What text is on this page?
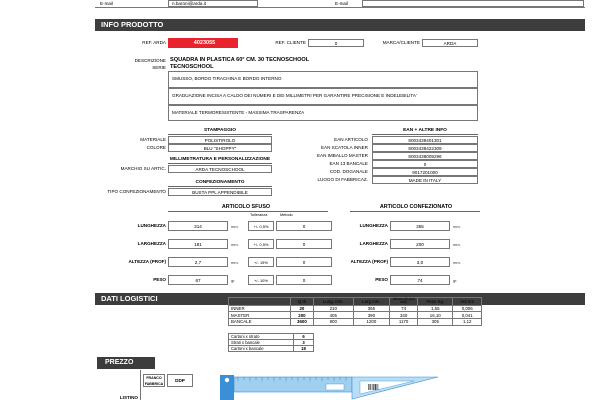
E-mail	n.baroni@arda.it	E-mail
INFO PRODOTTO
REF. ARDA	4023055	REF. CLIENTE	0	MARCA/CLIENTE	ARDA
DESCRIZIONE SQUADRA IN PLASTICA 60° CM. 30 TECNOSCHOOL
SERIE TECNOSCHOOL
SMUSSO, BORDO TIRACHINA E BORDO INTERNO
GRADUAZIONE INCISA A CALDO DEI NUMERI E DEI MILLIMETRI PER GARANTIRE PRECISIONE E INDELEBILITA'
MATERIALE TERMORESISTENTE - MASSIMA TRASPARENZA
STAMPAGGIO
MATERIALE	POLISTIROLO
COLORE	BLU "SHOPPY"
MILLIMETRATURA E PERSONALIZZAZIONE
MARCHIO SU ARTIC.	ARDA TECNOSCHOOL
CONFEZIONAMENTO
TIPO CONFEZIONAMENTO	BUSTA PPL APPENDIBILE
EAN + ALTRE INFO
EAN ARTICOLO	8003439401301
EAN SCATOLA INNER	8003438422309
EAN IMBALLO MASTER	8003438009296
EAN 13 BANCALE	0
COD. DOGANALE	9017201000
LUOGO DI FABBRICAZ.	MADE IN ITALY
ARTICOLO SFUSO
Tolleranza	Metodo
LUNGHEZZA	314	mm.	+/- 0,5%	0
LARGHEZZA	181	mm.	+/- 0,5%	0
ALTEZZA (PROF)	2,7	mm.	+/- 15%	0
PESO	67	gr.	+/- 10%	0
ARTICOLO CONFEZIONATO
LUNGHEZZA	355	mm.
LARGHEZZA	200	mm.
ALTEZZA (PROF)	3,0	mm.
PESO	74	gr.
DATI LOGISTICI
		Q.tà	Lung. mm.	Larg mm.	Alt mm. (h) (sui lato)	Peso Kg.	Vol m3
INNER	20	210	365	74	1,55	0,006
MASTER	200	405	390	340	16,10	0,041
BANCALE	3600	800	1200	1170	305	1,12
Cartoni x strato	6
Strati x bancale	3
Cartoni x bancale	18
PREZZO
FRANCO FABBRICA
DDP
LISTINO
